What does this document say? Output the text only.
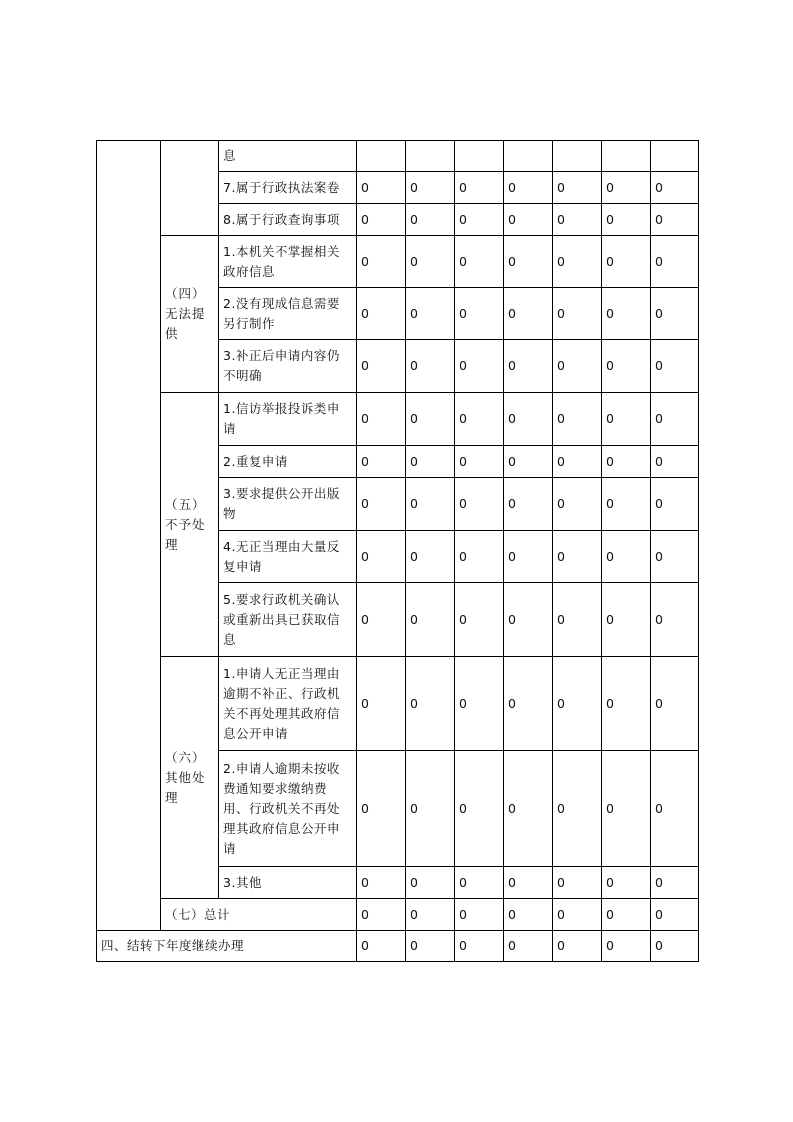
		息							
		7.属于行政执法案卷	0	0	0	0	0	0	0
		8.属于行政查询事项	0	0	0	0	0	0	0
	（四）无法提供	1.本机关不掌握相关政府信息	0	0	0	0	0	0	0
		2.没有现成信息需要另行制作	0	0	0	0	0	0	0
		3.补正后申请内容仍不明确	0	0	0	0	0	0	0
	（五）不予处理	1.信访举报投诉类申请	0	0	0	0	0	0	0
		2.重复申请	0	0	0	0	0	0	0
		3.要求提供公开出版物	0	0	0	0	0	0	0
		4.无正当理由大量反复申请	0	0	0	0	0	0	0
		5.要求行政机关确认或重新出具已获取信息	0	0	0	0	0	0	0
	（六）其他处理	1.申请人无正当理由逾期不补正、行政机关不再处理其政府信息公开申请	0	0	0	0	0	0	0
		2.申请人逾期未按收费通知要求缴纳费用、行政机关不再处理其政府信息公开申请	0	0	0	0	0	0	0
		3.其他	0	0	0	0	0	0	0
	（七）总计		0	0	0	0	0	0	0
四、结转下年度继续办理			0	0	0	0	0	0	0
